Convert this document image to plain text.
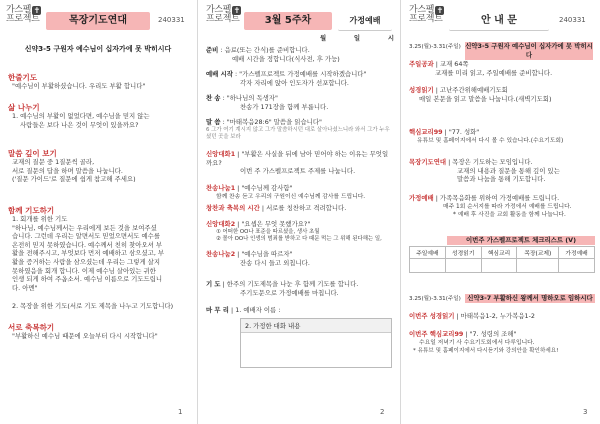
가스펠 ✝
프로젝트	목장기도연대	240331
신약3-5 구원자 예수님이 십자가에 못 박히시다
한줄기도
"예수님이 부활하셨습니다. 우리도 부활 합니다"
삶 나누기
1. 예수님의 부활이 없었다면, 예수님을 믿지 않는
사람들은 보다 나은 것이 무엇이 있을까요?
말씀 깊이 보기
교재의 질문 중 1질문씩 골라,
서로 질문의 답을 하며 말씀을 나눕니다.
('질문 가이드'로 질문에 쉽게 참고해 주세요)
함께 기도하기
1. 회개를 위한 기도
"하나님, 예수님께서는 우리에게 보든 것을 보여주셨
습니다. 그런데 우리는 알면서도 믿었으면서도 예수를
온전히 믿지 못하였습니다. 예수께서 친히 찾아오셔 부
활을 전해주시고, 부엇보다 먼저 예배하고 삼으셨고, 부
활을 증거하는 사람을 삼으셨는데 우리는 그렇게 살지
못하였음을 회개 합니다. 이제 예수님 살아있는 귀한
인생 되게 하여 주옵소서. 예수님 이름으로 기도드립니
다. 아멘"
2. 목장을 위한 기도(서로 기도 제목을 나누고 기도합니다)
서로 축복하기
"부활하신 예수님 때문에 오늘부터 다시 시작합니다"
1
가스펠 ✝
프로젝트	3월 5주차	가정예배
월	일	시
준비 : 음료(또는 간식)를 준비합니다.
예배 시간을 정합니다(식사전, 후 가능)
예배 시작 : "가스펠프로젝트 가정예배를 시작하겠습니다"
각자 자리에 앉아 인도자가 선포합니다.
찬 송 : "하나님의 독생자"
찬송가 171장을 함께 부릅니다.
말 씀 : "마태복음28:6" 말씀을 읽습니다"
6 그가 여기 계시지 않고 그가 말씀하시던 대로 살아나셨느니라 와서 그가 누우셨던 곳을 보라
신앙대화1 | "부활은 사실을 뒤에 남아 믿어야 하는 이유는 무엇일까요?
이번 주 가스펠프로젝트 주제를 나눕니다.
찬송나눔1 | "예수님께 감사함"
함께 찬송 듣고 우리의 구원이신 예수님께 감사를 드립니다.
창찬과 축복의 시간 | 서로를 칭찬하고 격려합니다.
신앙대화2 | "요셉은 무엇 못했가요?"
① 어떠한 OO나 표준을 따르셨을, 생사 초월
② 몰아 OO나 인생의 범죄를 받하고 다 때문 먹는 그 위해 된다해는 일,
찬송나눔2 | "예수님을 따르자"
잔송 다시 들고 외칩니다.
기 도 | 한주의 기도제목을 나눈 후 함께 기도를 합니다.
주기도문으로 가정예배를 마칩니다.
마 무 리 | 1. 예배자 이름 :
2. 가정한 대화 내용
2
가스펠 ✝
프로젝트	안 내 문	240331
3.25(월)-3.31(주일) 신약3-5 구원자 예수님이 십자가에 못 박히시다
주일공과 | 교재 64쪽
교재를 미리 읽고, 주일예배를 준비합니다.
성경읽기 | 고난주간위해예배기도회
매일 본문을 읽고 말씀을 나눕니다.(새벽기도회)
핵심교리99 | "77. 성화"
유튜브 및 홈페이지에서 다시 볼 수 있습니다.(수요기도회)
목장기도연대 | 목장은 기도하는 모임입니다.
교재의 내용과 질문을 통해 깊이 있는
말씀과 나눔을 통해 기도합니다.
가정예배 | 가족목음화를 위하여 가정예배를 드립니다.
매주 1회 순서지를 따라 가정에서 예배를 드립니다.
* 예배 후 사진을 교회 활동을 함께 나눕니다.
이번주 가스펠프로젝트 체크리스트 (V)
주일예배	성경읽기	핵심교리	목장(교제)	가정예배

3.25(월)-3.31(주일)	신약3-7 부활하신 왕께서 명하오로 임하시다
이번주 성경읽기 | 마태복음1-2, 누가복음1-2
이번주 핵심교리99 | "7. 성령의 조해"
수요일 저녁기 사 수요기도회에서 다루입니다.
* 유튜브 및 홈페이지에서 다시듣기와 강의안을 확인하세요!
3
